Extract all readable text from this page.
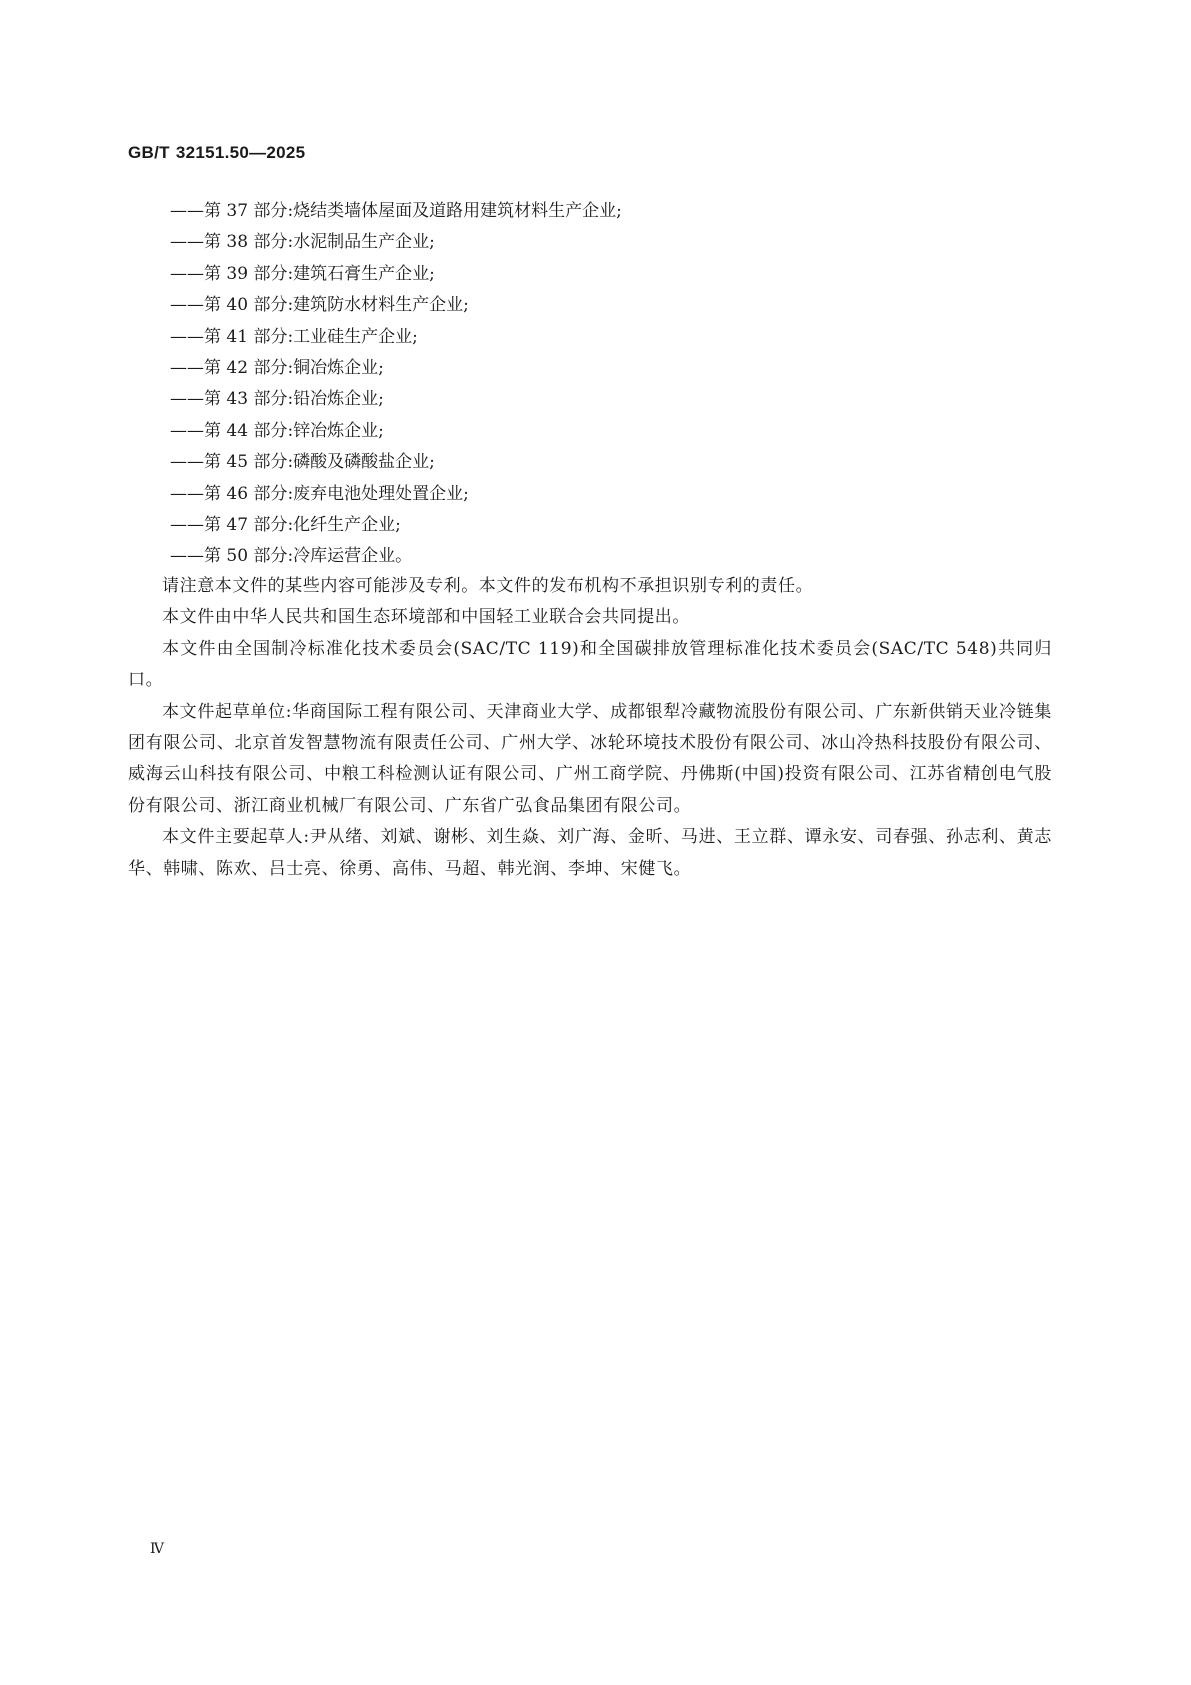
GB/T 32151.50—2025
——第 37 部分:烧结类墙体屋面及道路用建筑材料生产企业;
——第 38 部分:水泥制品生产企业;
——第 39 部分:建筑石膏生产企业;
——第 40 部分:建筑防水材料生产企业;
——第 41 部分:工业硅生产企业;
——第 42 部分:铜冶炼企业;
——第 43 部分:铅冶炼企业;
——第 44 部分:锌冶炼企业;
——第 45 部分:磷酸及磷酸盐企业;
——第 46 部分:废弃电池处理处置企业;
——第 47 部分:化纤生产企业;
——第 50 部分:冷库运营企业。

请注意本文件的某些内容可能涉及专利。本文件的发布机构不承担识别专利的责任。

本文件由中华人民共和国生态环境部和中国轻工业联合会共同提出。

本文件由全国制冷标准化技术委员会(SAC/TC 119)和全国碳排放管理标准化技术委员会(SAC/TC 548)共同归口。

本文件起草单位:华商国际工程有限公司、天津商业大学、成都银犁冷藏物流股份有限公司、广东新供销天业冷链集团有限公司、北京首发智慧物流有限责任公司、广州大学、冰轮环境技术股份有限公司、冰山冷热科技股份有限公司、威海云山科技有限公司、中粮工科检测认证有限公司、广州工商学院、丹佛斯(中国)投资有限公司、江苏省精创电气股份有限公司、浙江商业机械厂有限公司、广东省广弘食品集团有限公司。

本文件主要起草人:尹从绪、刘斌、谢彬、刘生焱、刘广海、金昕、马进、王立群、谭永安、司春强、孙志利、黄志华、韩啸、陈欢、吕士亮、徐勇、高伟、马超、韩光润、李坤、宋健飞。

Ⅳ
